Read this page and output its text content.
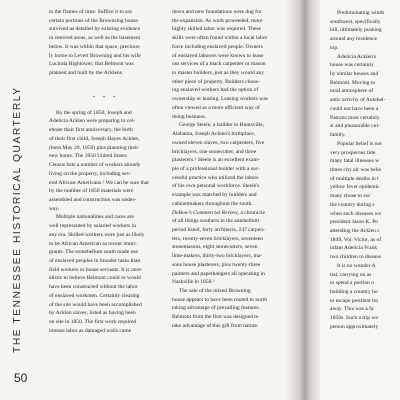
THE TENNESSEE HISTORICAL QUARTERLY
50
to the flames of time. Suffice it to say
certain portions of the Brownsing house
survived as detailed by existing evidence
in restored areas, as well as the basement
below. It was within that space, precious-
ly home to Levert Browning and his wife
Lucinda Hightower, that Belmont was
planned and built by the Acklens.
* * *
By the spring of 1850, Joseph and
Adelicia Acklen were preparing to cel-
ebrate their first anniversary, the birth
of their first child, Joseph Hayes Acklen,
(born May 20, 1850) plus planning their
new home. The 1850 United States
Census lists a number of workers already
living on the property, including sev-
eral African-Americans.¹ We can be sure that
by the number of 1850 materials were
assembled and construction was under-
way.
Multiple nationalities and races are
well represented by salaried workers in
any era. Skilled workers were just as likely
to be African American as recent immi-
grants. The stonebellum south made use
of enslaved peoples in broader tasks than
field workers or house servants. It is unre-
alistic to believe Belmont could or would
have been constructed without the labor
of enslaved workmen. Certainly clearing
of the site would have been accomplished
by Acklen slaves, listed as having been
on site in 1850. The first work required
intense labor as damaged walls came
down and new foundations were dug for
the expansion. As work proceeded, more
highly skilled labor was required. These
skills were often found within a local labor
force including enslaved people. Owners
of enslaved laborers were known to lease
out services of a black carpenter or mason
to master builders, just as they would any
other piece of property. Builders choos-
ing enslaved workers had the option of
ownership or leasing. Leasing workers was
often viewed as a more efficient way of
doing business.
George Steele, a builder in Huntsville,
Alabama, Joseph Acklen's birthplace,
owned eleven slaves, two carpenters, five
bricklayers, one stonecutter, and three
plasterers.² Steele is an excellent exam-
ple of a professional builder with a suc-
cessful practice who utilized the labors
of his own personal workforce. Steele's
example was matched by builders and
cabinetmakers throughout the south.
DeBow's Commercial Review, a chronicle
of all things southern in the antebellum
period listed, forty architects, 247 carpen-
ters, twenty-seven bricklayers, seventeen
stonemasons, eight stonecutters, seven
lime-makers, thirty-two bricklayers, ma-
sons house plasterers, plus twenty-three
painters and paperhangers all operating in
Nashville in 1850.³
The sale of the mixed Browning
house appears to have been routed to north
taking advantage of prevailing features.
Belmont from the first was designed to
take advantage of this gift from nature.
Predominating winds
southwest, specifically
hill, ultimately pushing
around any residence
top.
Adelicia Acklen's
house was certainly
by similar houses and
Belmont. Moving to
tural atmosphere of
antic activity of Antebel-
could not have been a
Patrons most certainly
st and pleasurable cul-
family.
Popular belief is not
very prosperous tide
many fatal illnesses w
times city air was belie
of multiple deaths in t
yellow fever epidemic
many chose to esc
the country during s
when such diseases we
president Jason K. Po
attending the Acklen c
1849, Vol. Victor, as of
infant Adelicia Frank
two children to disease
It is no wonder A
tial, carrying on as
to spend a portion o
building a country ho
to escape pestilent tro
away. This was a fa
1850s. Such a trip wo
person approximately
